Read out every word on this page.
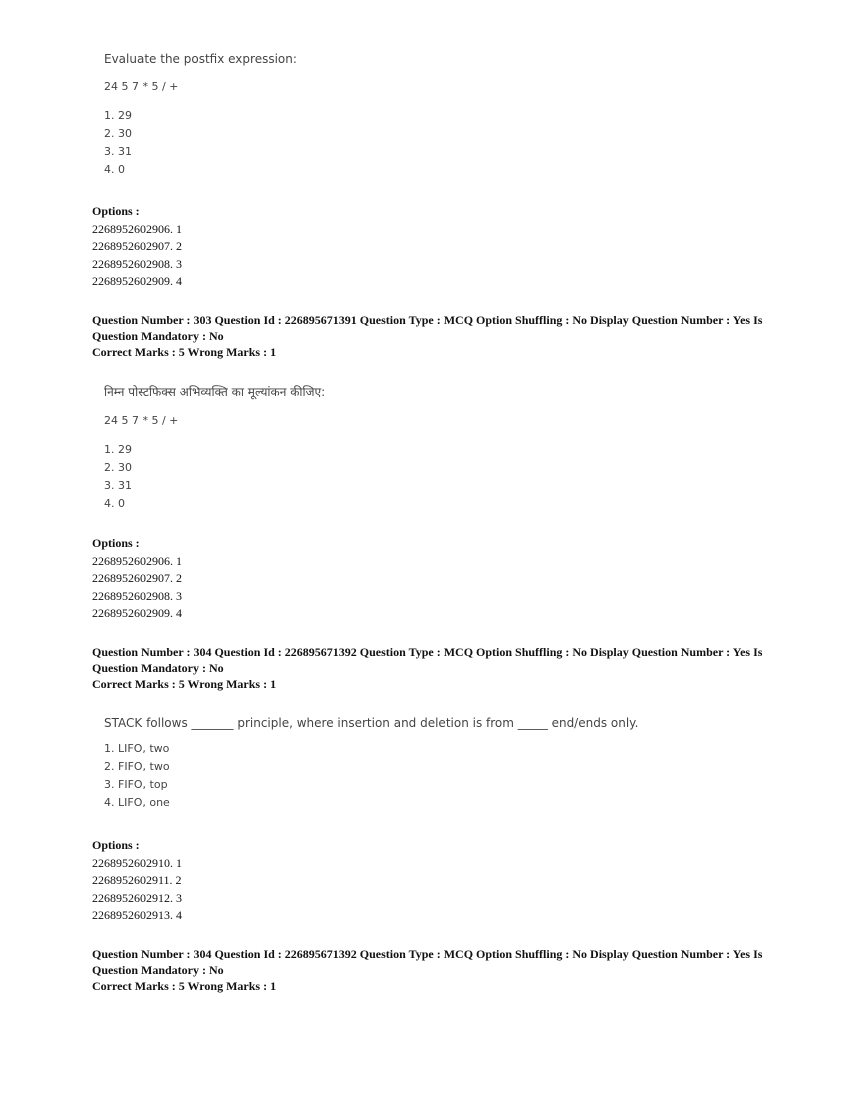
Evaluate the postfix expression:
24 5 7 * 5 / +
1. 29
2. 30
3. 31
4. 0
Options :
2268952602906. 1
2268952602907. 2
2268952602908. 3
2268952602909. 4
Question Number : 303 Question Id : 226895671391 Question Type : MCQ Option Shuffling : No Display Question Number : Yes Is
Question Mandatory : No
Correct Marks : 5 Wrong Marks : 1
निम्न पोस्टफिक्स अभिव्यक्ति का मूल्यांकन कीजिए:
24 5 7 * 5 / +
1. 29
2. 30
3. 31
4. 0
Options :
2268952602906. 1
2268952602907. 2
2268952602908. 3
2268952602909. 4
Question Number : 304 Question Id : 226895671392 Question Type : MCQ Option Shuffling : No Display Question Number : Yes Is
Question Mandatory : No
Correct Marks : 5 Wrong Marks : 1
STACK follows _______ principle, where insertion and deletion is from _____ end/ends only.
1. LIFO, two
2. FIFO, two
3. FIFO, top
4. LIFO, one
Options :
2268952602910. 1
2268952602911. 2
2268952602912. 3
2268952602913. 4
Question Number : 304 Question Id : 226895671392 Question Type : MCQ Option Shuffling : No Display Question Number : Yes Is
Question Mandatory : No
Correct Marks : 5 Wrong Marks : 1
